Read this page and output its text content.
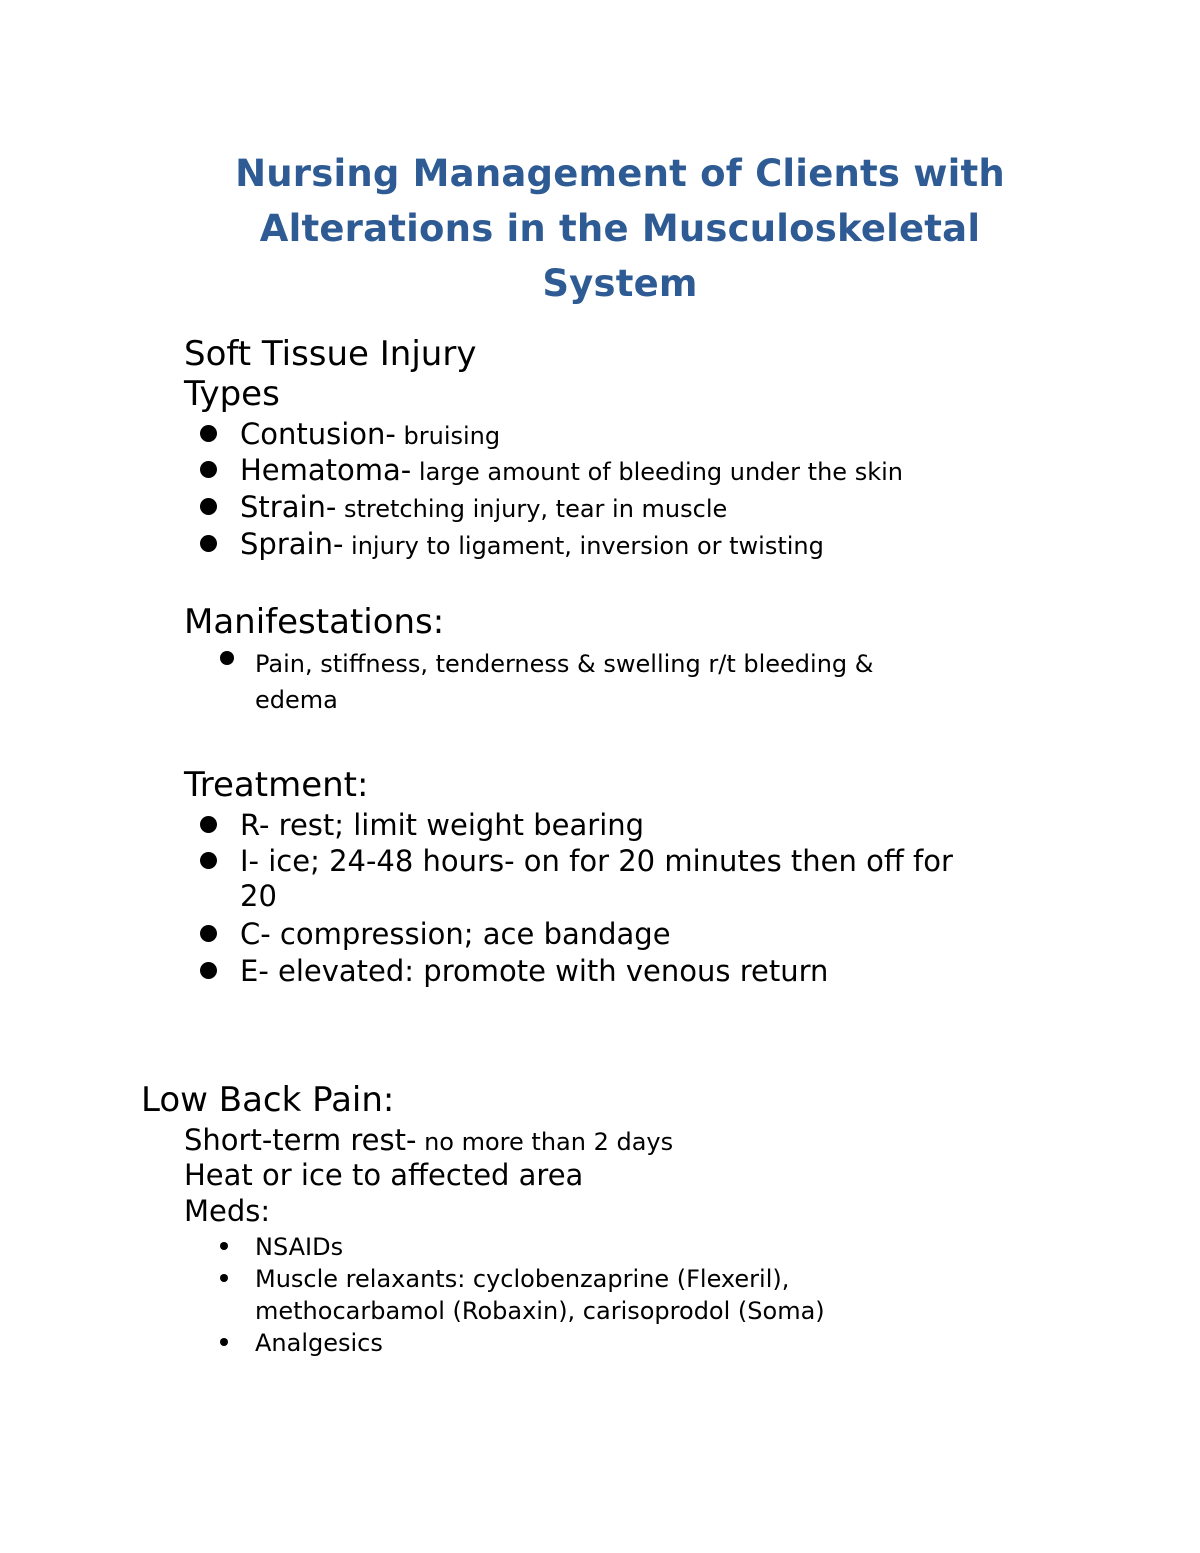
Nursing Management of Clients with
Alterations in the Musculoskeletal
System
Soft Tissue Injury
Types
Contusion- bruising
Hematoma- large amount of bleeding under the skin
Strain- stretching injury, tear in muscle
Sprain- injury to ligament, inversion or twisting
Manifestations:
Pain, stiffness, tenderness & swelling r/t bleeding &
edema
Treatment:
R- rest; limit weight bearing
I- ice; 24-48 hours- on for 20 minutes then off for
20
C- compression; ace bandage
E- elevated: promote with venous return
Low Back Pain:
Short-term rest- no more than 2 days
Heat or ice to affected area
Meds:
NSAIDs
Muscle relaxants: cyclobenzaprine (Flexeril),
methocarbamol (Robaxin), carisoprodol (Soma)
Analgesics
